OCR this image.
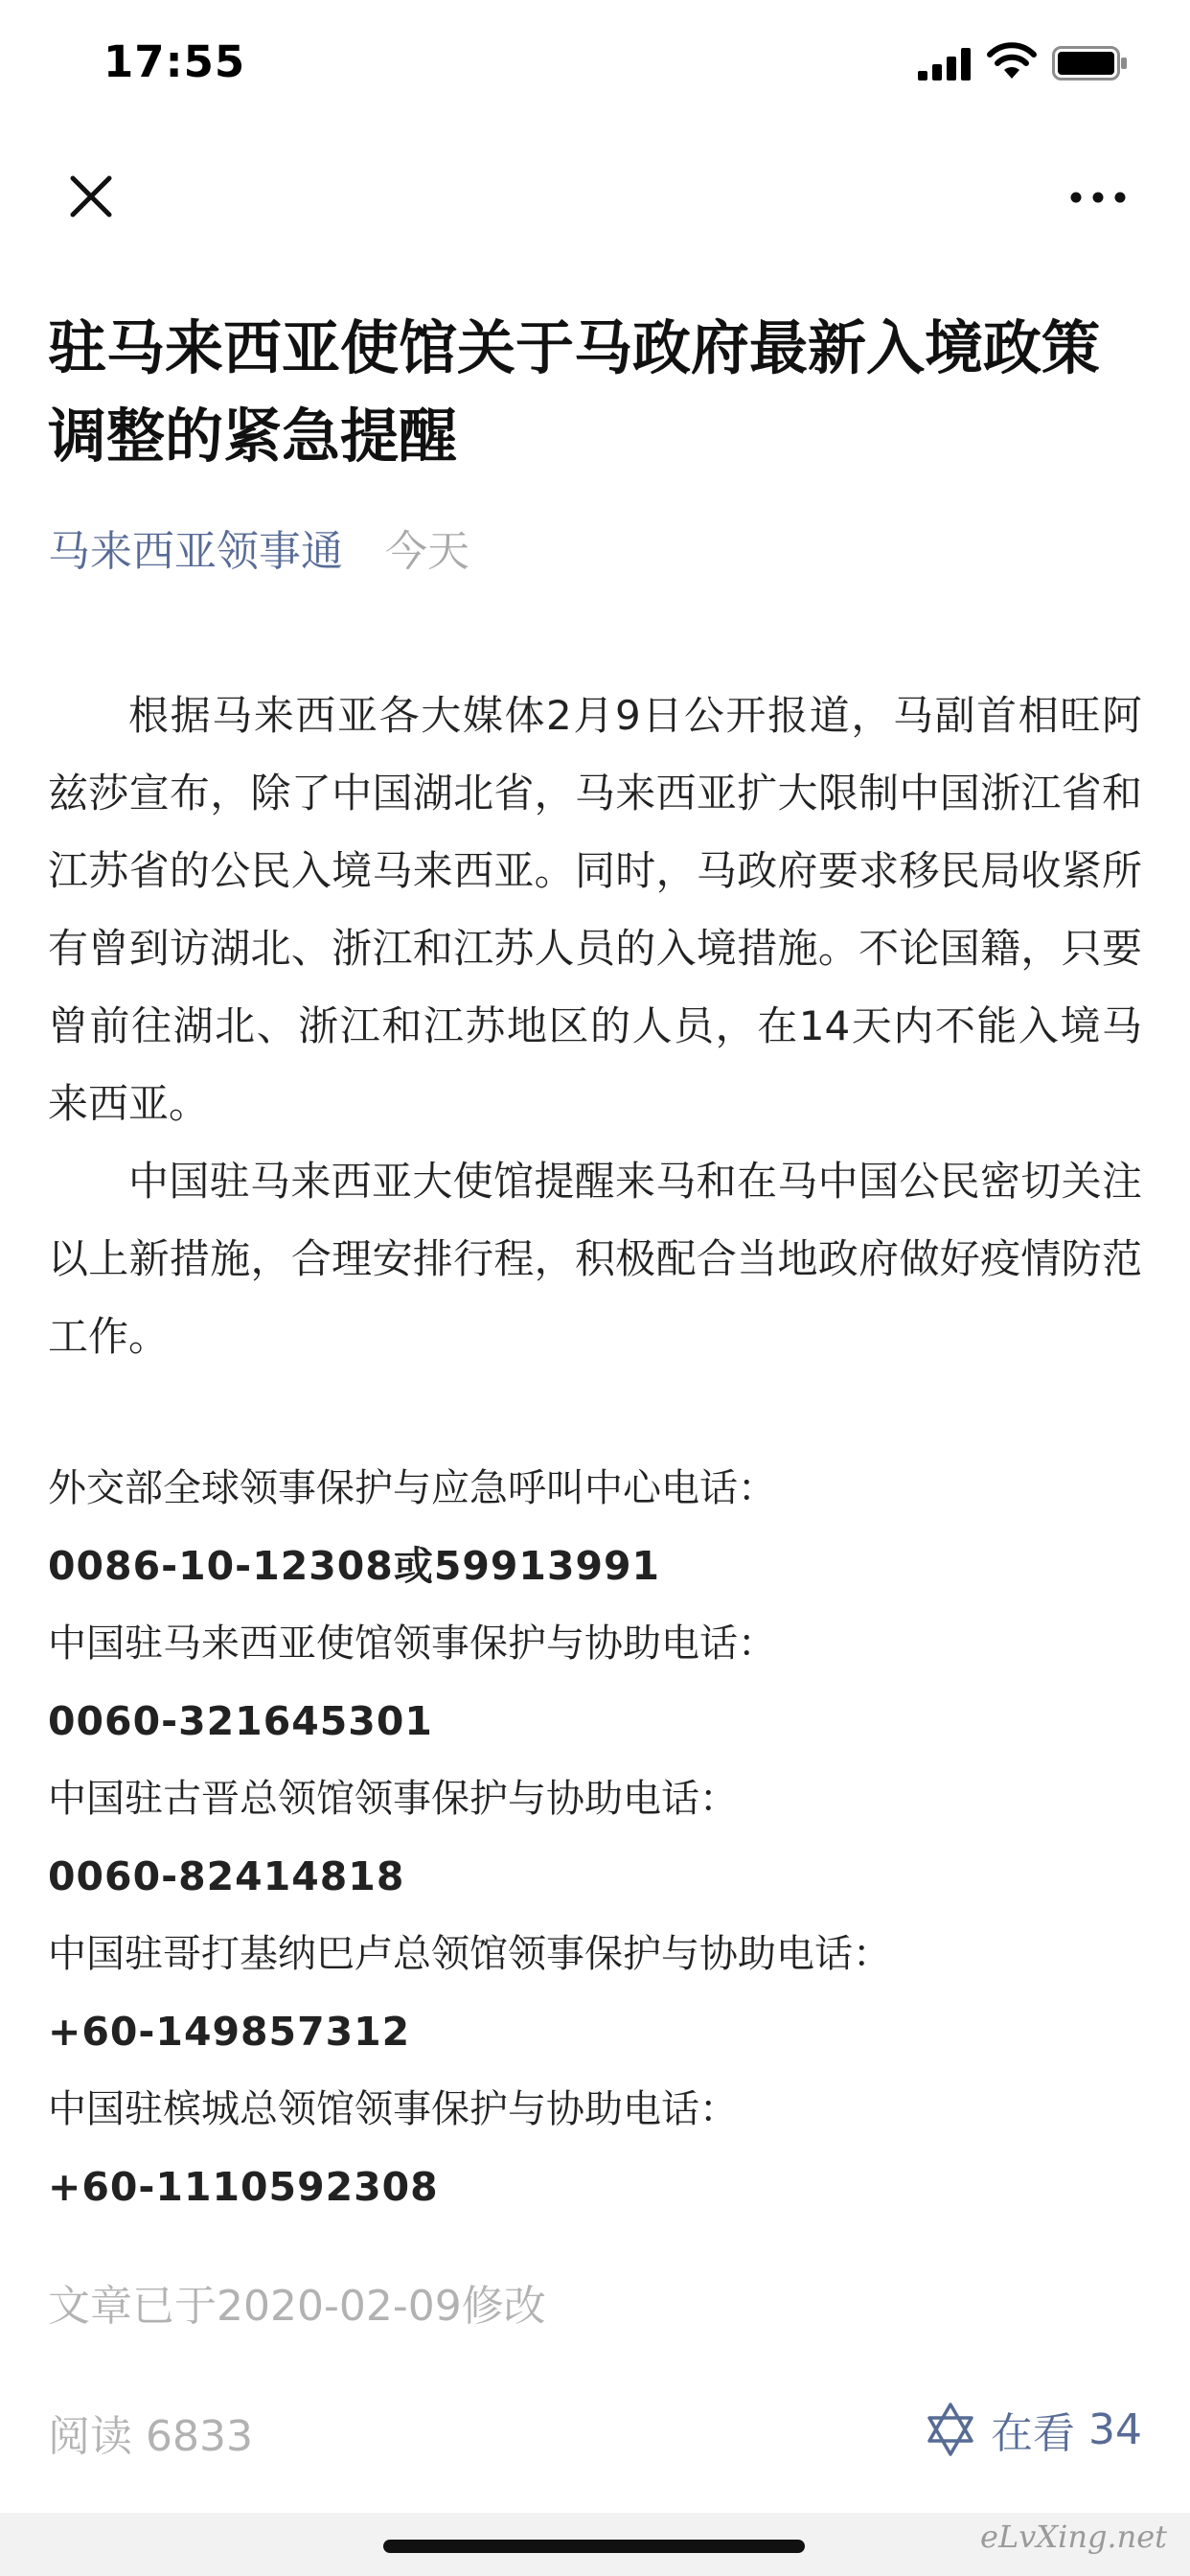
17:55
驻马来西亚使馆关于马政府最新入境政策调整的紧急提醒
马来西亚领事通 今天

根据马来西亚各大媒体2月9日公开报道，马副首相旺阿兹莎宣布，除了中国湖北省，马来西亚扩大限制中国浙江省和江苏省的公民入境马来西亚。同时，马政府要求移民局收紧所有曾到访湖北、浙江和江苏人员的入境措施。不论国籍，只要曾前往湖北、浙江和江苏地区的人员，在14天内不能入境马来西亚。

中国驻马来西亚大使馆提醒来马和在马中国公民密切关注以上新措施，合理安排行程，积极配合当地政府做好疫情防范工作。

外交部全球领事保护与应急呼叫中心电话：
0086-10-12308或59913991
中国驻马来西亚使馆领事保护与协助电话：
0060-321645301
中国驻古晋总领馆领事保护与协助电话：
0060-82414818
中国驻哥打基纳巴卢总领馆领事保护与协助电话：
+60-149857312
中国驻槟城总领馆领事保护与协助电话：
+60-1110592308
文章已于2020-02-09修改
阅读 6833	在看 34
eLvXing.net
